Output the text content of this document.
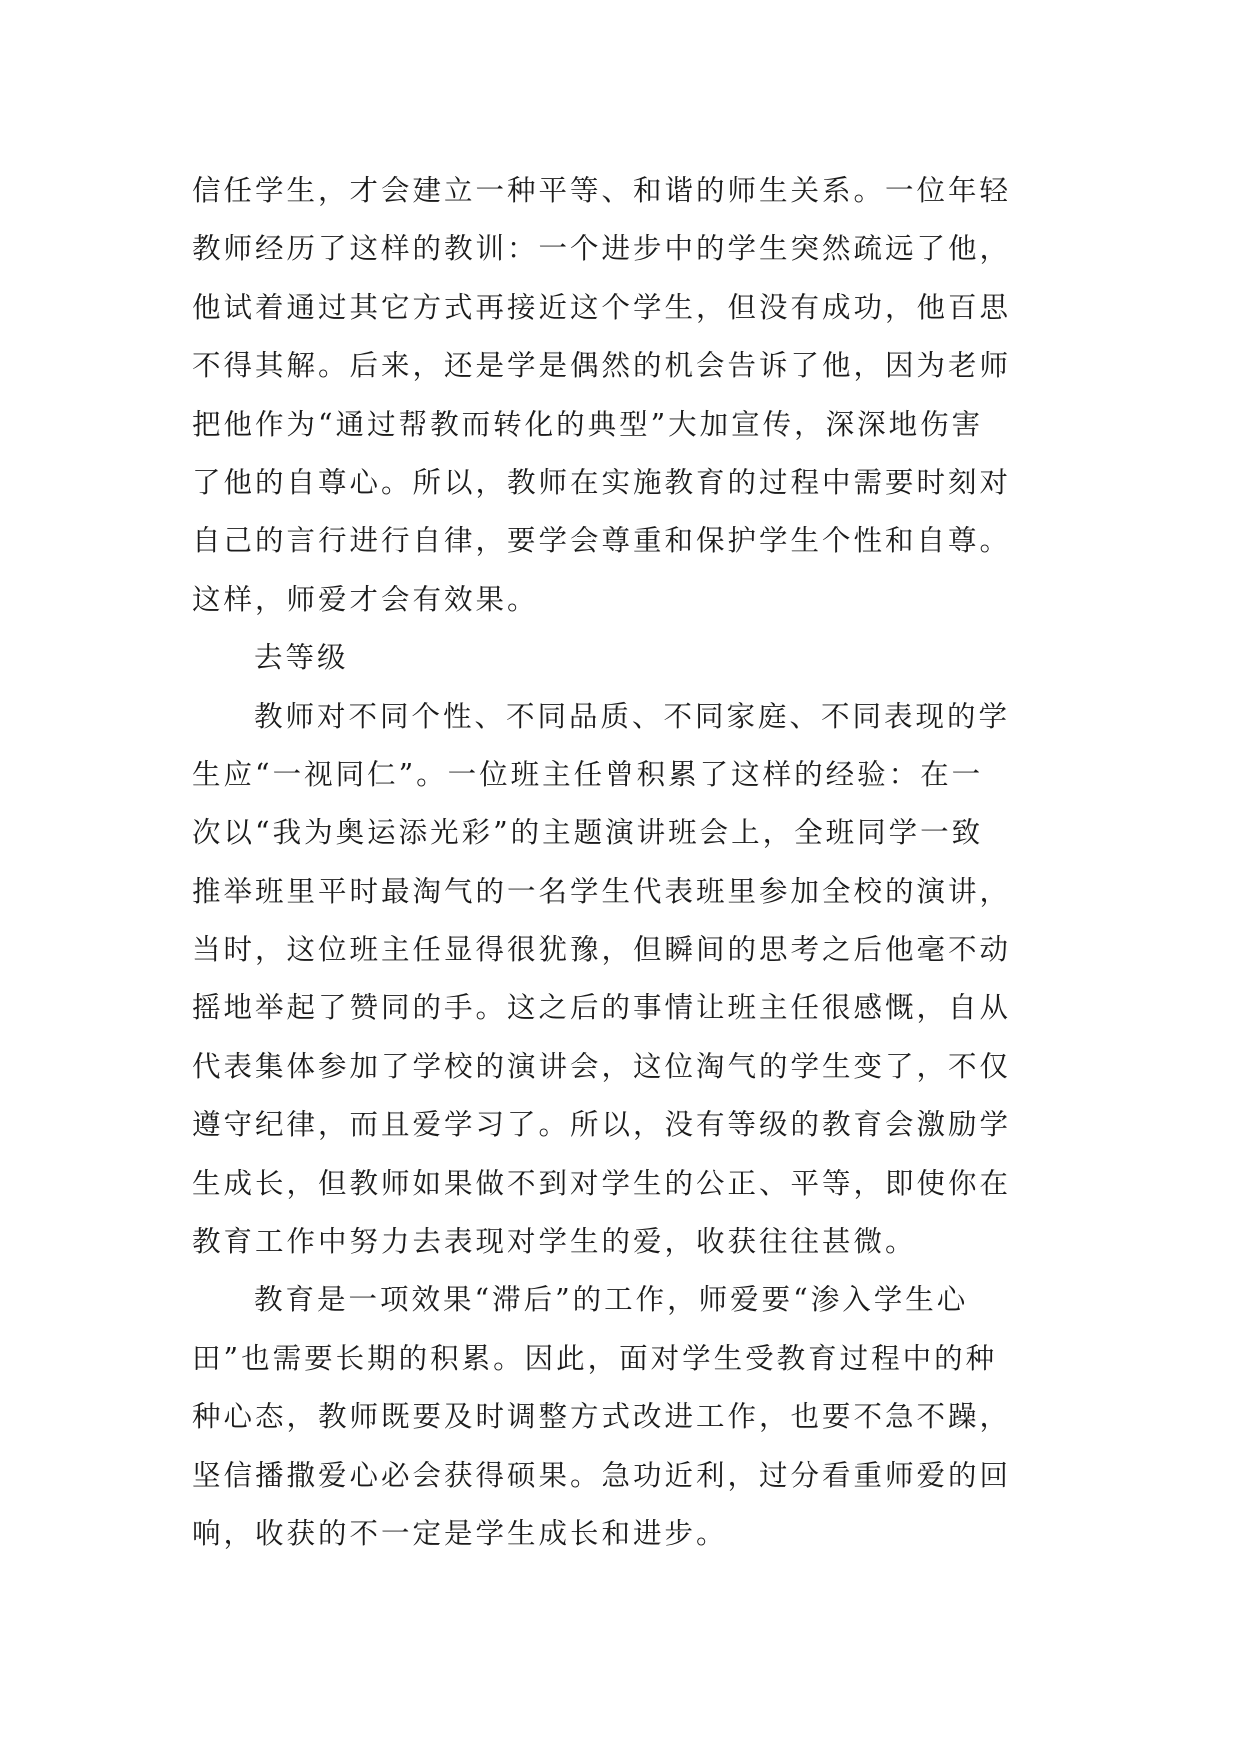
信任学生，才会建立一种平等、和谐的师生关系。一位年轻
教师经历了这样的教训：一个进步中的学生突然疏远了他，
他试着通过其它方式再接近这个学生，但没有成功，他百思
不得其解。后来，还是学是偶然的机会告诉了他，因为老师
把他作为“通过帮教而转化的典型”大加宣传，深深地伤害
了他的自尊心。所以，教师在实施教育的过程中需要时刻对
自己的言行进行自律，要学会尊重和保护学生个性和自尊。
这样，师爱才会有效果。
去等级
教师对不同个性、不同品质、不同家庭、不同表现的学
生应“一视同仁”。一位班主任曾积累了这样的经验：在一
次以“我为奥运添光彩”的主题演讲班会上，全班同学一致
推举班里平时最淘气的一名学生代表班里参加全校的演讲，
当时，这位班主任显得很犹豫，但瞬间的思考之后他毫不动
摇地举起了赞同的手。这之后的事情让班主任很感慨，自从
代表集体参加了学校的演讲会，这位淘气的学生变了，不仅
遵守纪律，而且爱学习了。所以，没有等级的教育会激励学
生成长，但教师如果做不到对学生的公正、平等，即使你在
教育工作中努力去表现对学生的爱，收获往往甚微。
教育是一项效果“滞后”的工作，师爱要“渗入学生心
田”也需要长期的积累。因此，面对学生受教育过程中的种
种心态，教师既要及时调整方式改进工作，也要不急不躁，
坚信播撒爱心必会获得硕果。急功近利，过分看重师爱的回
响，收获的不一定是学生成长和进步。
